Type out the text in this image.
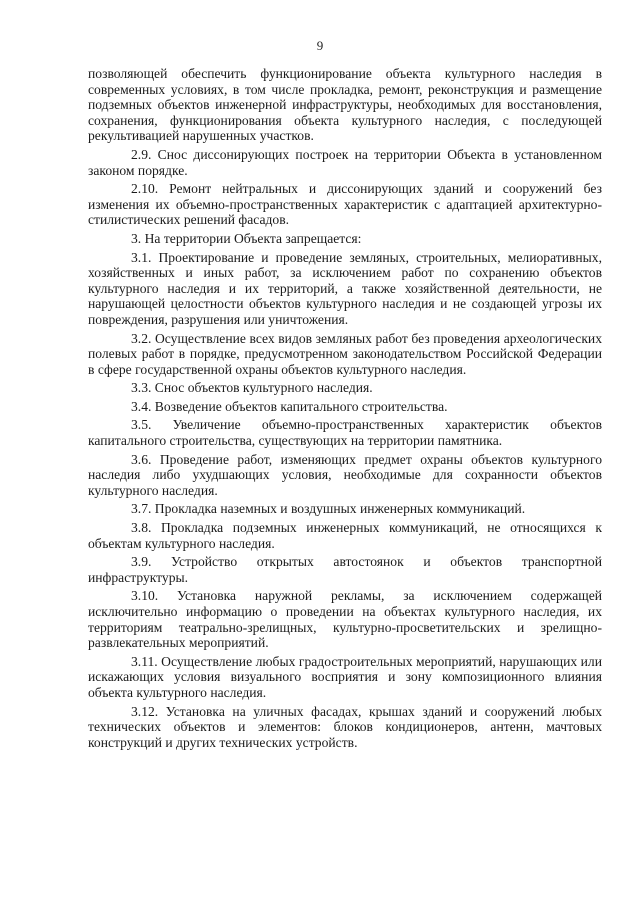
9

позволяющей обеспечить функционирование объекта культурного наследия в современных условиях, в том числе прокладка, ремонт, реконструкция и размещение подземных объектов инженерной инфраструктуры, необходимых для восстановления, сохранения, функционирования объекта культурного наследия, с последующей рекультивацией нарушенных участков.

2.9. Снос диссонирующих построек на территории Объекта в установленном законом порядке.

2.10. Ремонт нейтральных и диссонирующих зданий и сооружений без изменения их объемно-пространственных характеристик с адаптацией архитектурно-стилистических решений фасадов.

3. На территории Объекта запрещается:

3.1. Проектирование и проведение земляных, строительных, мелиоративных, хозяйственных и иных работ, за исключением работ по сохранению объектов культурного наследия и их территорий, а также хозяйственной деятельности, не нарушающей целостности объектов культурного наследия и не создающей угрозы их повреждения, разрушения или уничтожения.

3.2. Осуществление всех видов земляных работ без проведения археологических полевых работ в порядке, предусмотренном законодательством Российской Федерации в сфере государственной охраны объектов культурного наследия.

3.3. Снос объектов культурного наследия.

3.4. Возведение объектов капитального строительства.

3.5. Увеличение объемно-пространственных характеристик объектов капитального строительства, существующих на территории памятника.

3.6. Проведение работ, изменяющих предмет охраны объектов культурного наследия либо ухудшающих условия, необходимые для сохранности объектов культурного наследия.

3.7. Прокладка наземных и воздушных инженерных коммуникаций.

3.8. Прокладка подземных инженерных коммуникаций, не относящихся к объектам культурного наследия.

3.9. Устройство открытых автостоянок и объектов транспортной инфраструктуры.

3.10. Установка наружной рекламы, за исключением содержащей исключительно информацию о проведении на объектах культурного наследия, их территориям театрально-зрелищных, культурно-просветительских и зрелищно-развлекательных мероприятий.

3.11. Осуществление любых градостроительных мероприятий, нарушающих или искажающих условия визуального восприятия и зону композиционного влияния объекта культурного наследия.

3.12. Установка на уличных фасадах, крышах зданий и сооружений любых технических объектов и элементов: блоков кондиционеров, антенн, мачтовых конструкций и других технических устройств.
